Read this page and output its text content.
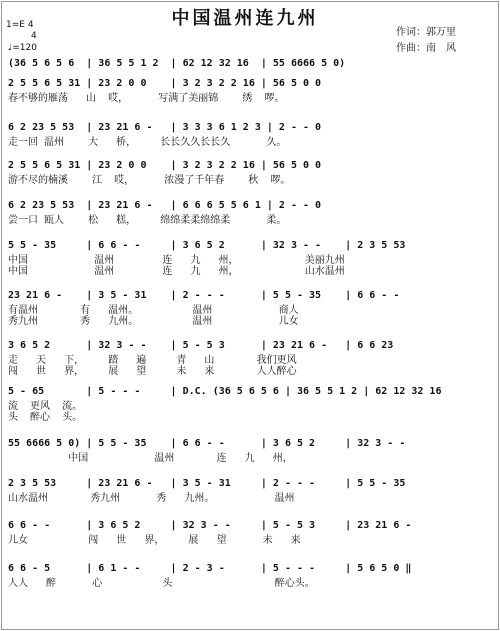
中国温州连九州
1=E 4
4
♩=120
作词：郭万里
作曲：南　风
(36 5 6 5 6  | 36 5 5 1 2  | 62 12 32 16  | 55 6666 5 0)
2 5 5 6 5 31 | 23 2 0 0    | 3 2 3 2 2 16 | 56 5 0 0
春不够的雁荡   山  哎，     写满了美丽锦    绣  啰。
6 2 23 5 53  | 23 21 6 -   | 3 3 3 6 1 2 3 | 2 - - 0
走一回 温州    大   桥，    长长久久长长久      久。
2 5 5 6 5 31 | 23 2 0 0    | 3 2 3 2 2 16 | 56 5 0 0
游不尽的楠溪    江  哎，     浓漫了千年春    秋  啰。
6 2 23 5 53  | 23 21 6 -   | 6 6 6 5 5 6 1 | 2 - - 0
尝一口 瓯人    松   糕，    绵绵柔柔绵绵柔      柔。
5 5 - 35     | 6 6 - -     | 3 6 5 2      | 32 3 - -    | 2 3 5 53
中国           温州        连   九   州，           美丽九州
中国           温州        连   九   州，           山水温州
23 21 6 -    | 3 5 - 31    | 2 - - -      | 5 5 - 35    | 6 6 - -
有温州       有   温州。         温州           商人
秀九州       秀   九州。         温州           儿女
3 6 5 2      | 32 3 - -    | 5 - 5 3      | 23 21 6 -   | 6 6 23
走   天   下，    踏   遍     青   山       我们更风
闯   世   界，    展   望     未   来       人人醉心
5 - 65       | 5 - - -     | D.C. (36 5 6 5 6 | 36 5 5 1 2 | 62 12 32 16
流  更风  流。
头  醉心  头。
55 6666 5 0) | 5 5 - 35    | 6 6 - -      | 3 6 5 2     | 32 3 - -
中国           温州       连   九   州，
2 3 5 53     | 23 21 6 -   | 3 5 - 31     | 2 - - -     | 5 5 - 35
山水温州       秀九州      秀   九州。          温州
6 6 - -      | 3 6 5 2     | 32 3 - -     | 5 - 5 3     | 23 21 6 -
儿女          闯   世   界，    展   望      未   来
6 6 - 5      | 6 1 - -     | 2 - 3 -      | 5 - - -     | 5 6 5 0 ‖
人人   醉      心          头                 醉心头。
